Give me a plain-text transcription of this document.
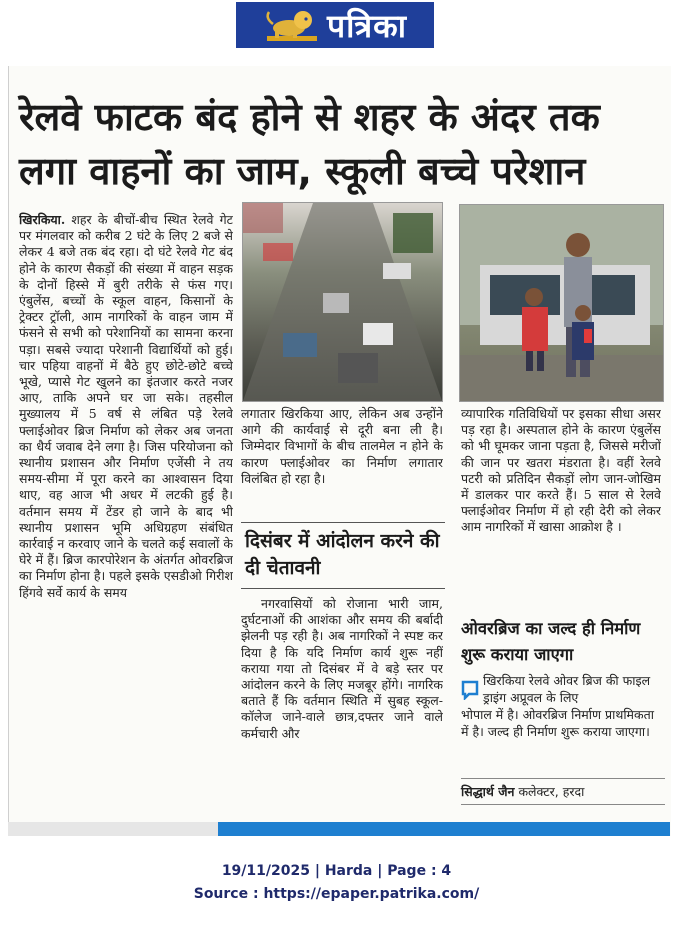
पत्रिका
रेलवे फाटक बंद होने से शहर के अंदर तक
लगा वाहनों का जाम, स्कूली बच्चे परेशान
खिरकिया. शहर के बीचों-बीच स्थित रेलवे गेट पर मंगलवार को करीब 2 घंटे के लिए 2 बजे से लेकर 4 बजे तक बंद रहा। दो घंटे रेलवे गेट बंद होने के कारण सैकड़ों की संख्या में वाहन सड़क के दोनों हिस्से में बुरी तरीके से फंस गए। एंबुलेंस, बच्चों के स्कूल वाहन, किसानों के ट्रेक्टर ट्रॉली, आम नागरिकों के वाहन जाम में फंसने से सभी को परेशानियों का सामना करना पड़ा। सबसे ज्यादा परेशानी विद्यार्थियों को हुई। चार पहिया वाहनों में बैठे हुए छोटे-छोटे बच्चे भूखे, प्यासे गेट खुलने का इंतजार करते नजर आए, ताकि अपने घर जा सके। तहसील मुख्यालय में 5 वर्ष से लंबित पड़े रेलवे फ्लाईओवर ब्रिज निर्माण को लेकर अब जनता का धैर्य जवाब देने लगा है। जिस परियोजना को स्थानीय प्रशासन और निर्माण एजेंसी ने तय समय-सीमा में पूरा करने का आश्वासन दिया थाए, वह आज भी अधर में लटकी हुई है। वर्तमान समय में टेंडर हो जाने के बाद भी स्थानीय प्रशासन भूमि अधिग्रहण संबंधित कार्रवाई न करवाए जाने के चलते कई सवालों के घेरे में हैं। ब्रिज कारपोरेशन के अंतर्गत ओवरब्रिज का निर्माण होना है। पहले इसके एसडीओ गिरीश हिंगवे सर्वे कार्य के समय
लगातार खिरकिया आए, लेकिन अब उन्होंने आगे की कार्यवाई से दूरी बना ली है। जिम्मेदार विभागों के बीच तालमेल न होने के कारण फ्लाईओवर का निर्माण लगातार विलंबित हो रहा है।
दिसंबर में आंदोलन करने की दी चेतावनी
नगरवासियों को रोजाना भारी जाम, दुर्घटनाओं की आशंका और समय की बर्बादी झेलनी पड़ रही है। अब नागरिकों ने स्पष्ट कर दिया है कि यदि निर्माण कार्य शुरू नहीं कराया गया तो दिसंबर में वे बड़े स्तर पर आंदोलन करने के लिए मजबूर होंगे। नागरिक बताते हैं कि वर्तमान स्थिति में सुबह स्कूल-कॉलेज जाने-वाले छात्र,दफ्तर जाने वाले कर्मचारी और
व्यापारिक गतिविधियों पर इसका सीधा असर पड़ रहा है। अस्पताल होने के कारण एंबुलेंस को भी घूमकर जाना पड़ता है, जिससे मरीजों की जान पर खतरा मंडराता है। वहीं रेलवे पटरी को प्रतिदिन सैकड़ों लोग जान-जोखिम में डालकर पार करते हैं। 5 साल से रेलवे फ्लाईओवर निर्माण में हो रही देरी को लेकर आम नागरिकों में खासा आक्रोश है ।
ओवरब्रिज का जल्द ही निर्माण शुरू कराया जाएगा
खिरकिया रेलवे ओवर ब्रिज की फाइल ड्राइंग अप्रूवल के लिए
भोपाल में है। ओवरब्रिज निर्माण प्राथमिकता में है। जल्द ही निर्माण शुरू कराया जाएगा।
सिद्धार्थ जैन कलेक्टर, हरदा
19/11/2025 | Harda | Page : 4
Source : https://epaper.patrika.com/
